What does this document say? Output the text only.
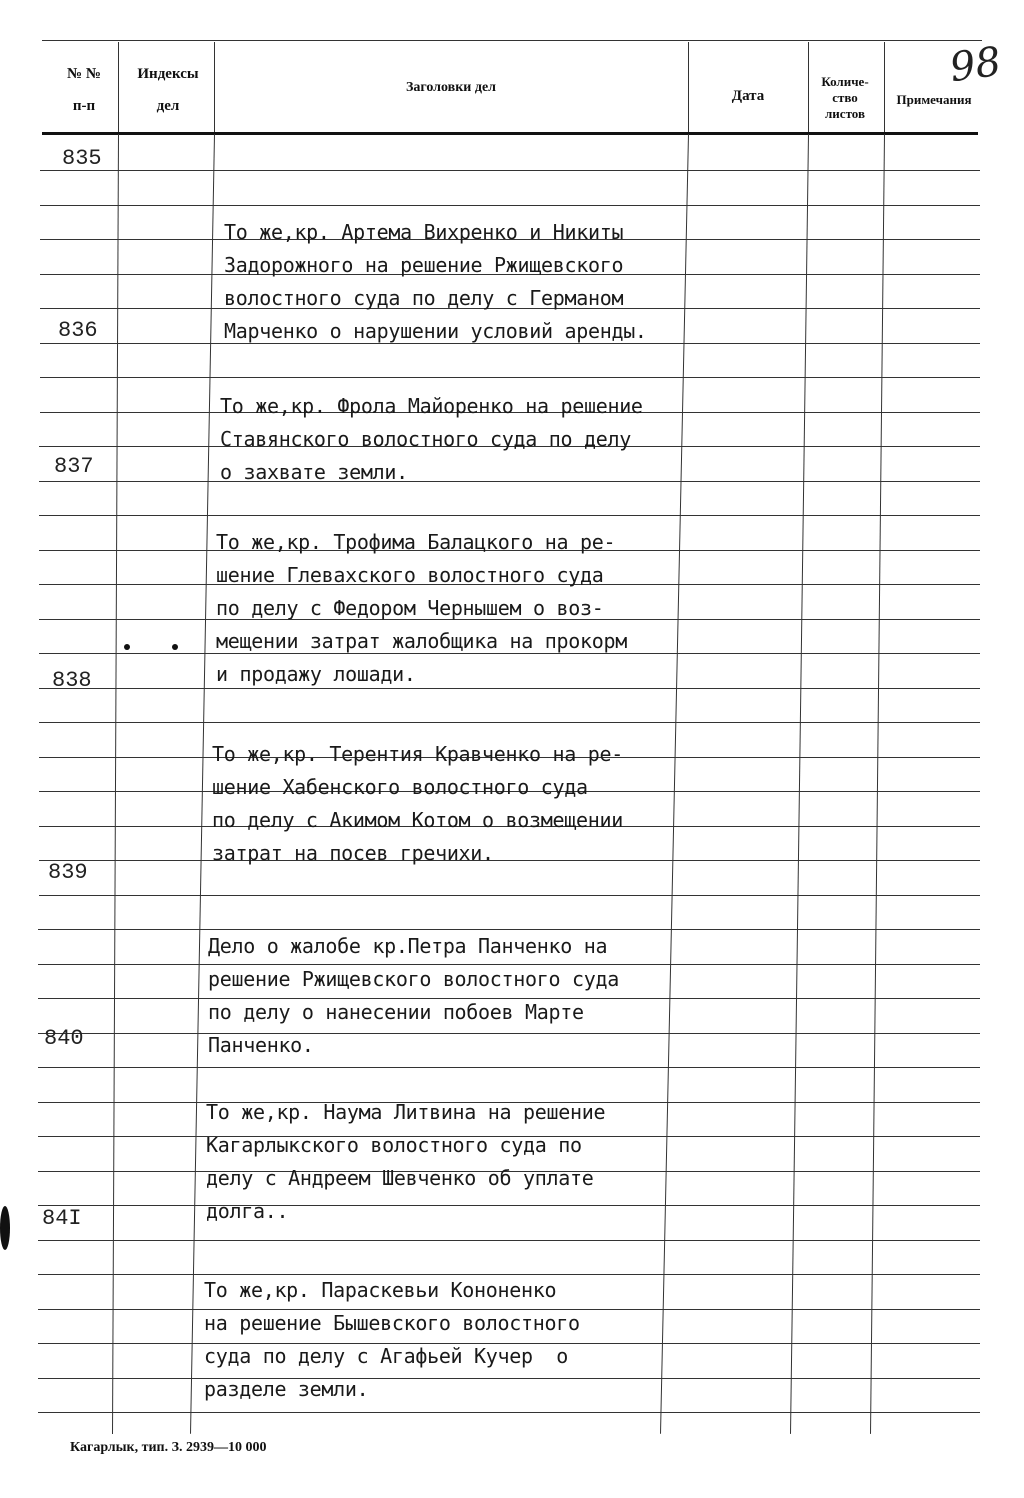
№ №
п-п
Индексы
дел
Заголовки дел
Дата
Количе-
ство
листов
Примечания
98
835

То же,кр. Артема Вихренко и Никиты
Задорожного на решение Ржищевского
волостного суда по делу с Германом
Марченко о нарушении условий аренды.

836

То же,кр. Фрола Майоренко на решение
Ставянского волостного суда по делу
о захвате земли.

837

То же,кр. Трофима Балацкого на ре-
шение Глевахского волостного суда
по делу с Федором Чернышем о воз-
мещении затрат жалобщика на прокорм
и продажу лошади.

838

То же,кр. Терентия Кравченко на ре-
шение Хабенского волостного суда
по делу с Акимом Котом о возмещении
затрат на посев гречихи.

839

Дело о жалобе кр.Петра Панченко на
решение Ржищевского волостного суда
по делу о нанесении побоев Марте
Панченко.

840

То же,кр. Наума Литвина на решение
Кагарлыкского волостного суда по
делу с Андреем Шевченко об уплате
долга..

84I

То же,кр. Параскевьи Кононенко
на решение Бышевского волостного
суда по делу с Агафьей Кучер  о
разделе земли.

Кагарлык, тип. З. 2939—10 000
